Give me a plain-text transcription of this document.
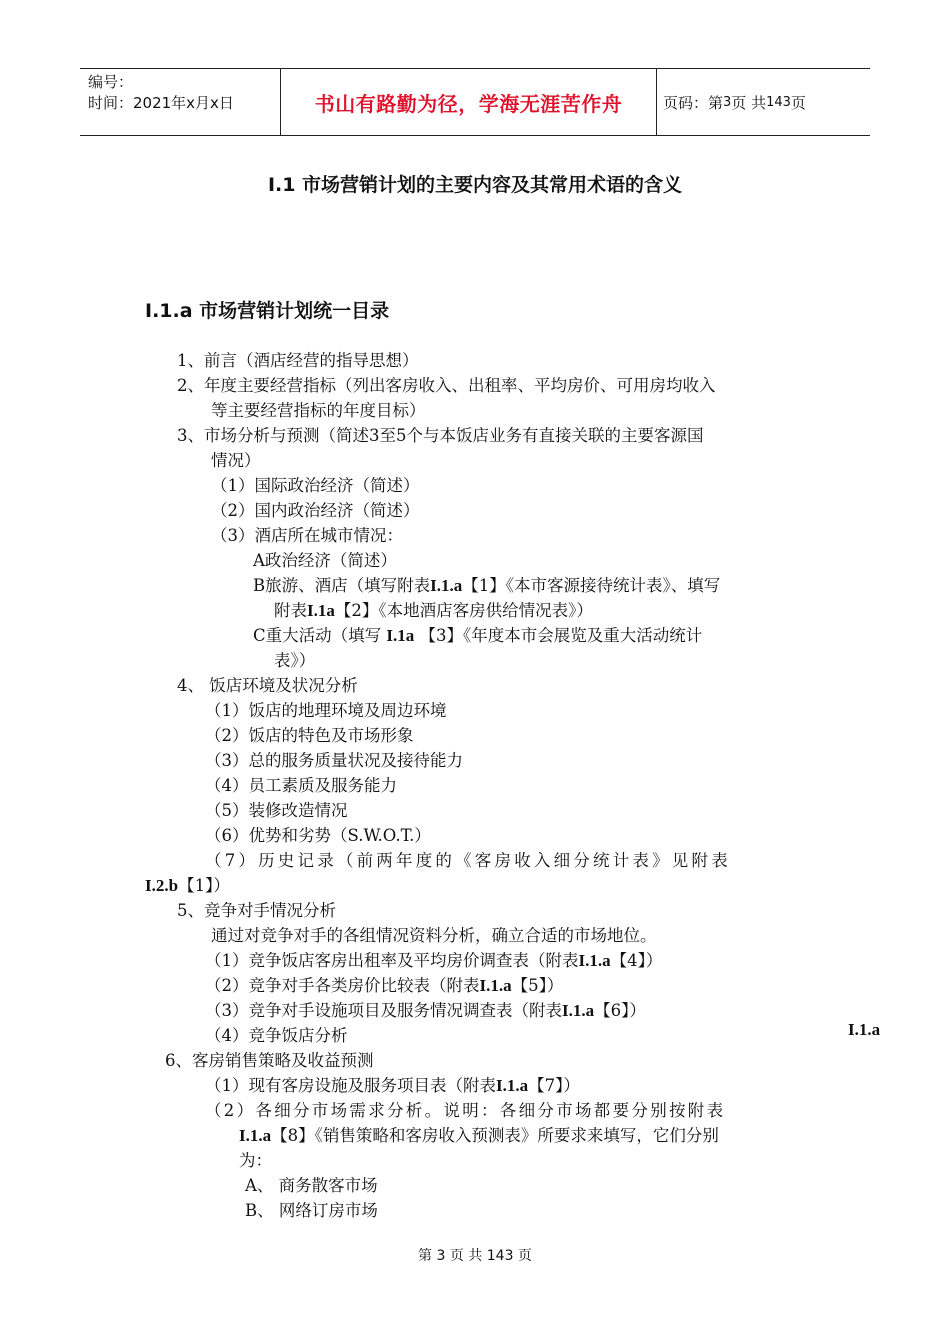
编号：
时间：2021年x月x日	书山有路勤为径，学海无涯苦作舟	页码：第 3 页 共 143 页
I.1 市场营销计划的主要内容及其常用术语的含义
I.1.a 市场营销计划统一目录
1、前言（酒店经营的指导思想）
2、年度主要经营指标（列出客房收入、出租率、平均房价、可用房均收入
等主要经营指标的年度目标）
3、市场分析与预测（简述3至5个与本饭店业务有直接关联的主要客源国
情况）
（1）国际政治经济（简述）
（2）国内政治经济（简述）
（3）酒店所在城市情况：
A政治经济（简述）
B旅游、酒店（填写附表I.1.a【1】《本市客源接待统计表》、填写
附表I.1a【2】《本地酒店客房供给情况表》）
C重大活动（填写 I.1a 【3】《年度本市会展览及重大活动统计
表》）
4、 饭店环境及状况分析
（1）饭店的地理环境及周边环境
（2）饭店的特色及市场形象
（3）总的服务质量状况及接待能力
（4）员工素质及服务能力
（5）装修改造情况
（6）优势和劣势（S.W.O.T.）
（7）历史记录（前两年度的《客房收入细分统计表》见附表
I.2.b【1】）
5、竞争对手情况分析
通过对竞争对手的各组情况资料分析，确立合适的市场地位。
（1）竞争饭店客房出租率及平均房价调查表（附表I.1.a【4】）
（2）竞争对手各类房价比较表（附表I.1.a【5】）
（3）竞争对手设施项目及服务情况调查表（附表I.1.a【6】）
（4）竞争饭店分析
6、客房销售策略及收益预测
（1）现有客房设施及服务项目表（附表I.1.a【7】）
（2）各细分市场需求分析。说明：各细分市场都要分别按附表
I.1.a【8】《销售策略和客房收入预测表》所要求来填写，它们分别
为：
A、 商务散客市场
B、 网络订房市场
I.1.a
第 3 页 共 143 页
